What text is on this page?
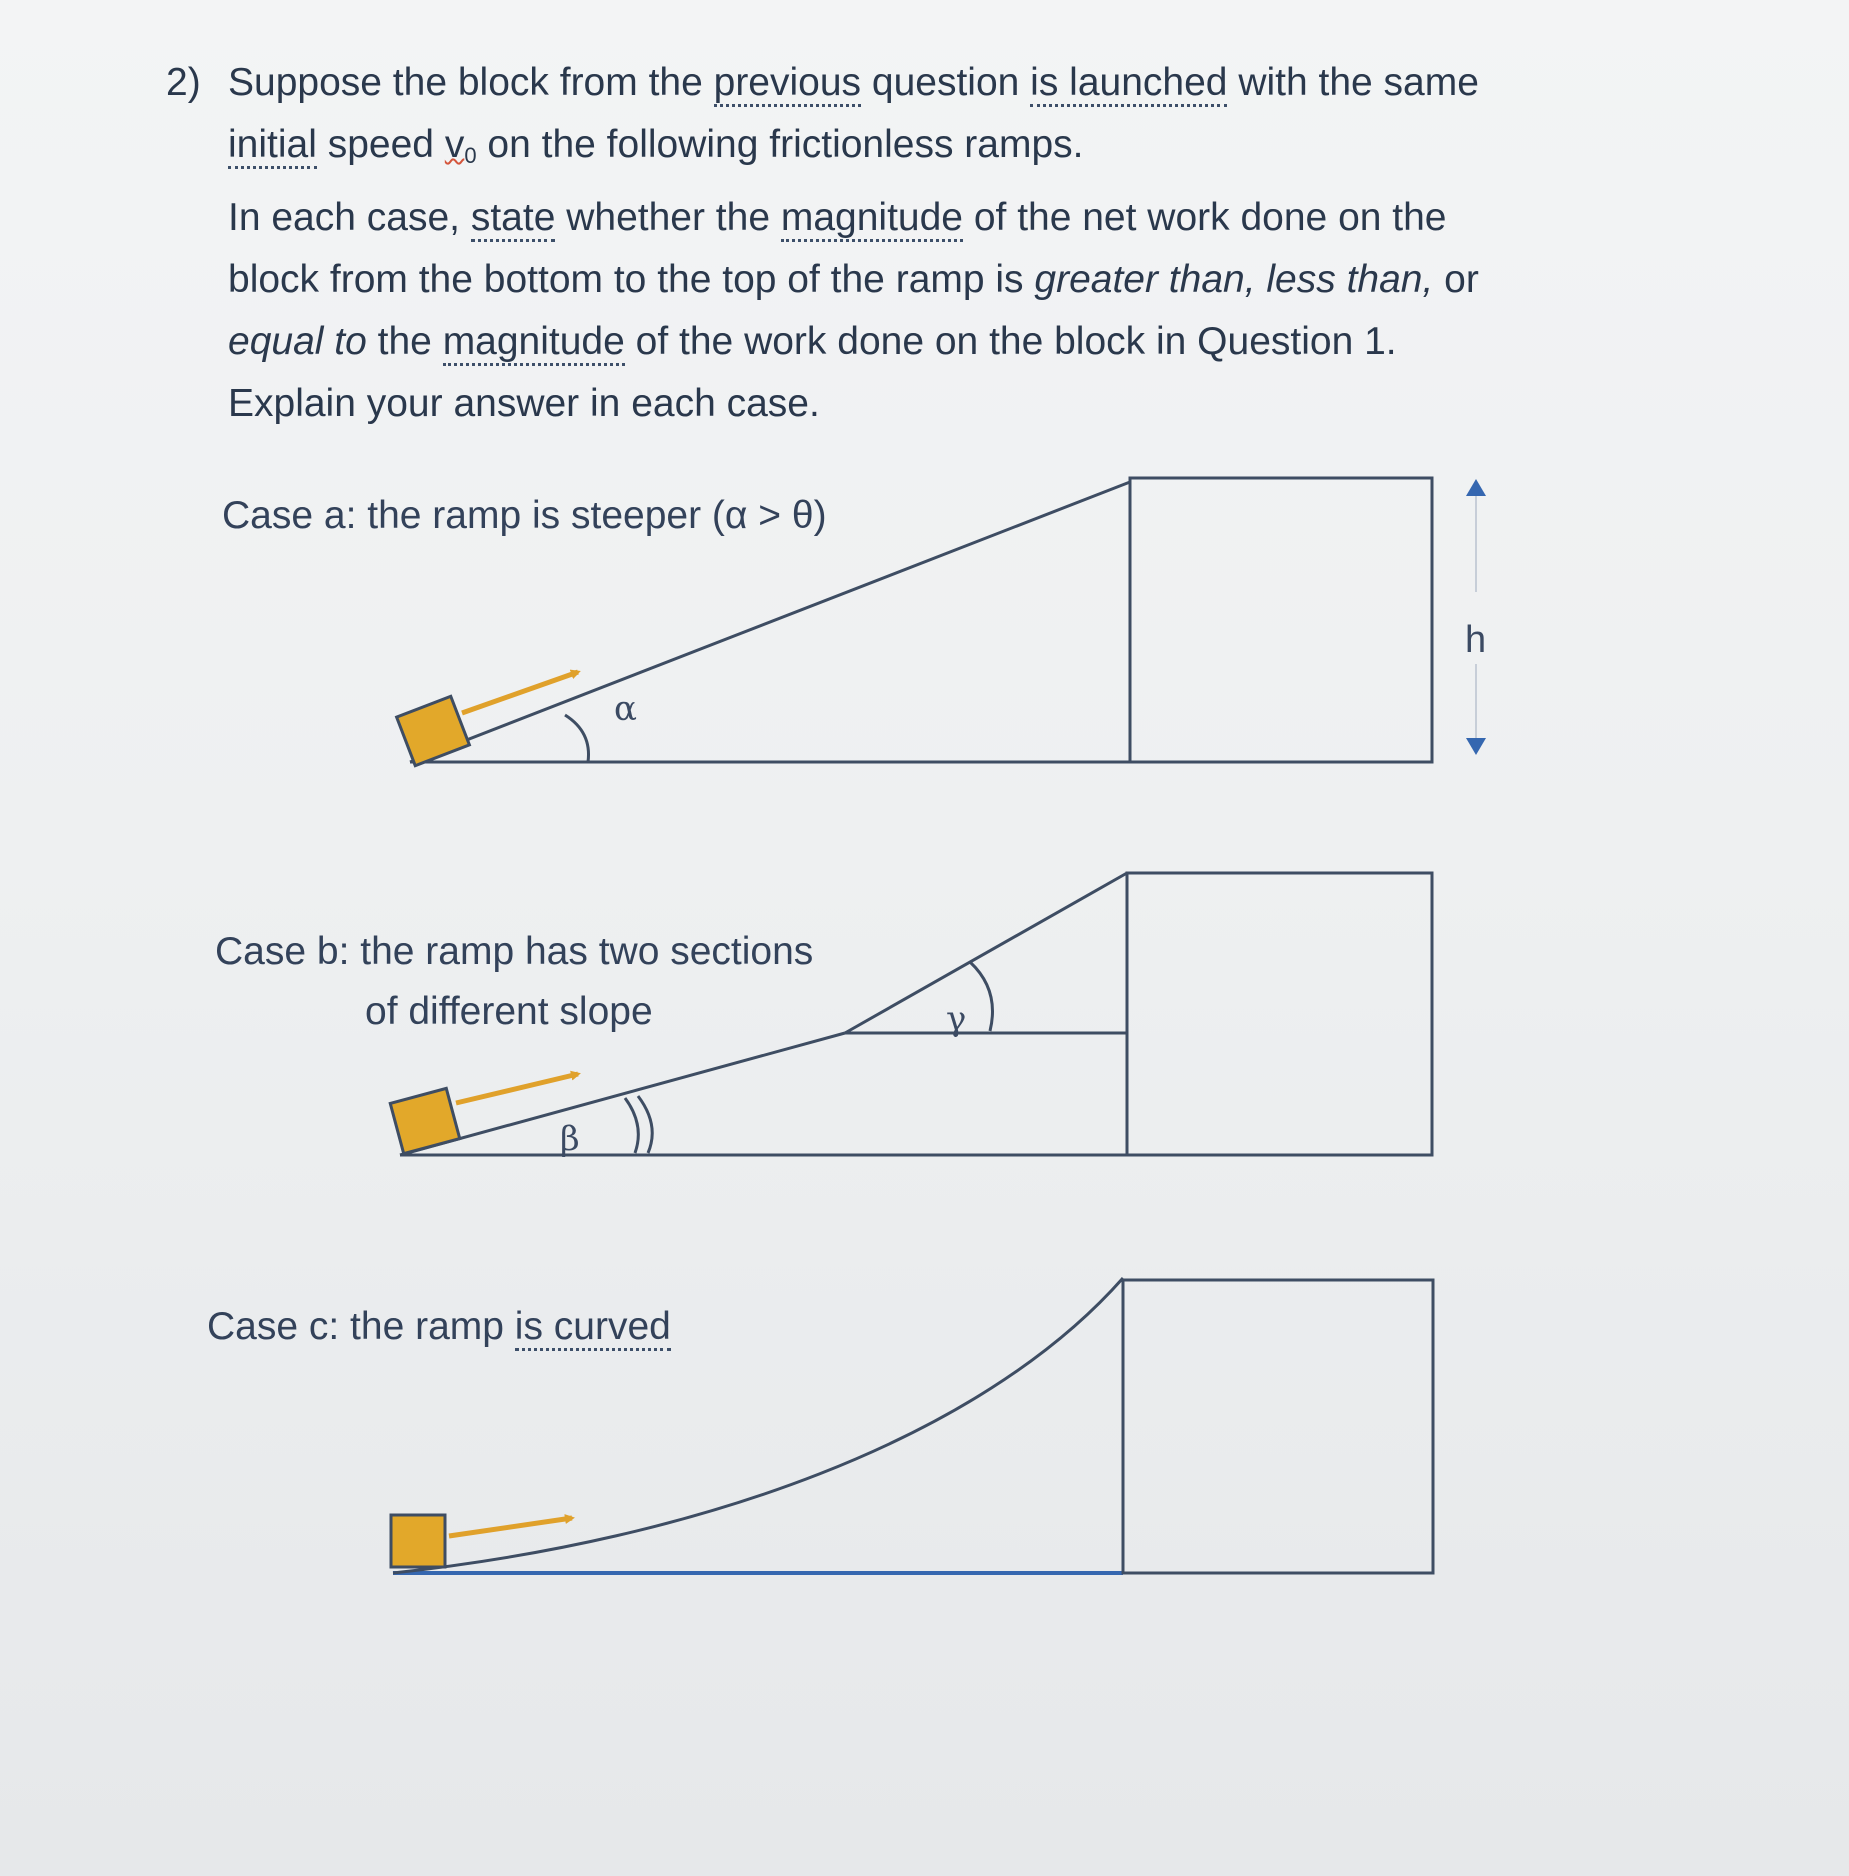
2) Suppose the block from the previous question is launched with the same
initial speed v0 on the following frictionless ramps.
In each case, state whether the magnitude of the net work done on the
block from the bottom to the top of the ramp is greater than, less than, or
equal to the magnitude of the work done on the block in Question 1.
Explain your answer in each case.
Case a: the ramp is steeper (α > θ)
Case b: the ramp has two sections
of different slope
Case c: the ramp is curved
α
h
β
γ
